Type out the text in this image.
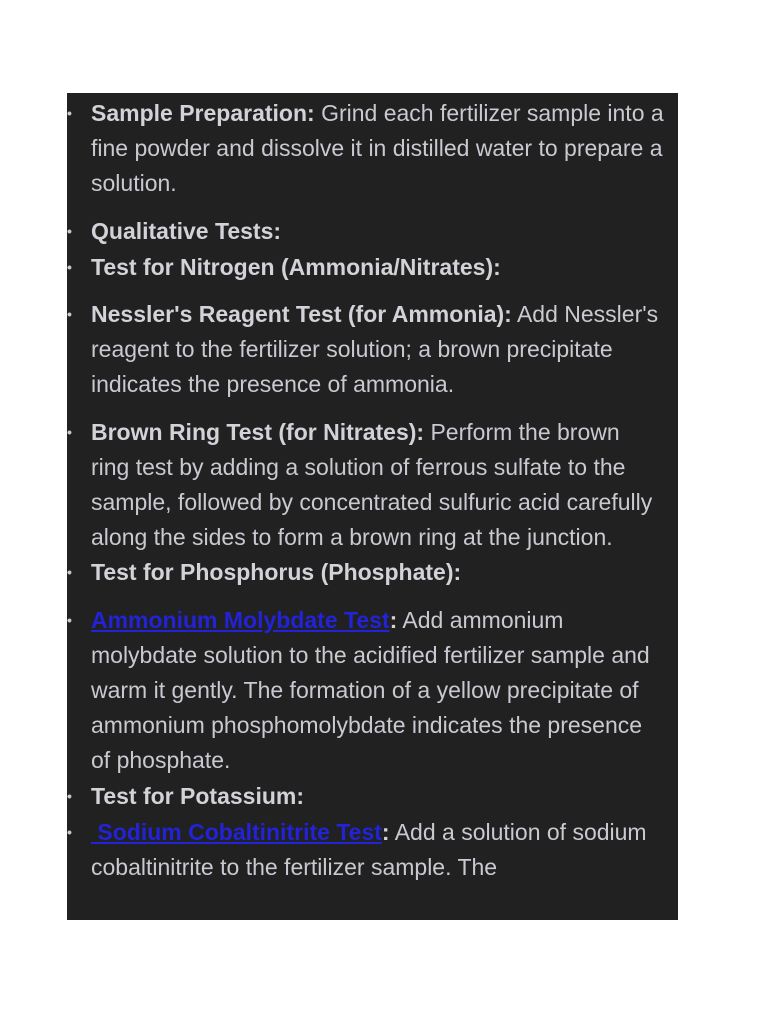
• Sample Preparation: Grind each fertilizer sample into a fine powder and dissolve it in distilled water to prepare a solution.
• Qualitative Tests:
• Test for Nitrogen (Ammonia/Nitrates):
• Nessler's Reagent Test (for Ammonia): Add Nessler's reagent to the fertilizer solution; a brown precipitate indicates the presence of ammonia.
• Brown Ring Test (for Nitrates): Perform the brown ring test by adding a solution of ferrous sulfate to the sample, followed by concentrated sulfuric acid carefully along the sides to form a brown ring at the junction.
• Test for Phosphorus (Phosphate):
• Ammonium Molybdate Test: Add ammonium molybdate solution to the acidified fertilizer sample and warm it gently. The formation of a yellow precipitate of ammonium phosphomolybdate indicates the presence of phosphate.
• Test for Potassium:
• Sodium Cobaltinitrite Test: Add a solution of sodium cobaltinitrite to the fertilizer sample. The
